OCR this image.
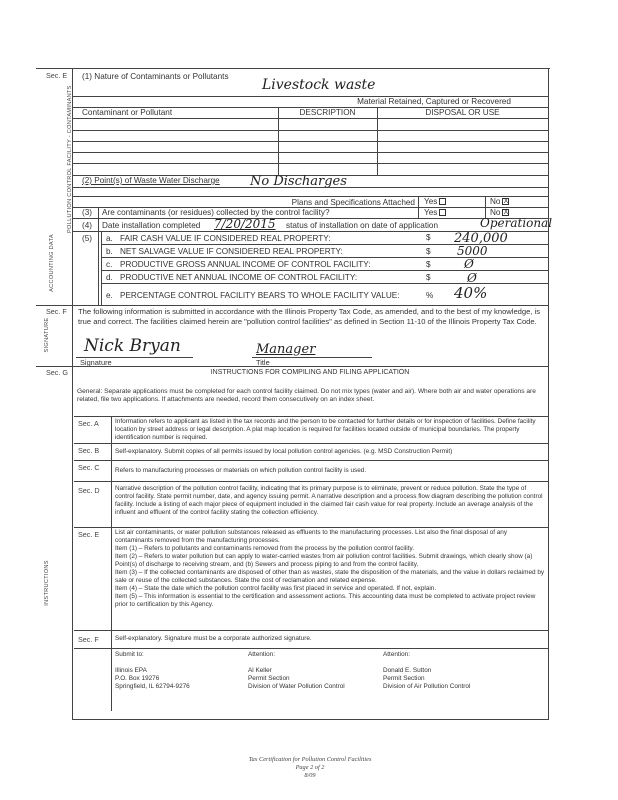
POLLUTION CONTROL FACILITY - CONTAMINANTS
ACCOUNTING DATA
SIGNATURE
INSTRUCTIONS
Sec. E (1) Nature of Contaminants or Pollutants
Livestock waste
Material Retained, Captured or Recovered
Contaminant or Pollutant	DESCRIPTION	DISPOSAL OR USE
(2) Point(s) of Waste Water Discharge No Discharges
Plans and Specifications Attached Yes	No X
(3) Are contaminants (or residues) collected by the control facility?	Yes	No X
(4) Date installation completed 7/20/2015 status of installation on date of application	Operational
(5) a. FAIR CASH VALUE IF CONSIDERED REAL PROPERTY:	$ 240,000
b. NET SALVAGE VALUE IF CONSIDERED REAL PROPERTY:	$ 5000
c. PRODUCTIVE GROSS ANNUAL INCOME OF CONTROL FACILITY:	$	Ø
d. PRODUCTIVE NET ANNUAL INCOME OF CONTROL FACILITY:	$	Ø
e. PERCENTAGE CONTROL FACILITY BEARS TO WHOLE FACILITY VALUE:	% 40%
Sec. F The following information is submitted in accordance with the Illinois Property Tax Code, as amended, and to the best of my knowledge, is true and correct. The facilities claimed herein are "pollution control facilities" as defined in Section 11-10 of the Illinois Property Tax Code.
Nick Bryan
Signature
Manager
Title
Sec. G	INSTRUCTIONS FOR COMPILING AND FILING APPLICATION
General: Separate applications must be completed for each control facility claimed. Do not mix types (water and air). Where both air and water operations are related, file two applications. If attachments are needed, record them consecutively on an index sheet.
Sec. A	Information refers to applicant as listed in the tax records and the person to be contacted for further details or for inspection of facilities. Define facility location by street address or legal description. A plat map location is required for facilities located outside of municipal boundaries. The property identification number is required.
Sec. B	Self-explanatory. Submit copies of all permits issued by local pollution control agencies. (e.g. MSD Construction Permit)
Sec. C	Refers to manufacturing processes or materials on which pollution control facility is used.
Sec. D	Narrative description of the pollution control facility, indicating that its primary purpose is to eliminate, prevent or reduce pollution. State the type of control facility. State permit number, date, and agency issuing permit. A narrative description and a process flow diagram describing the pollution control facility. Include a listing of each major piece of equipment included in the claimed fair cash value for real property. Include an average analysis of the influent and effluent of the control facility stating the collection efficiency.
Sec. E	List air contaminants, or water pollution substances released as effluents to the manufacturing processes. List also the final disposal of any contaminants removed from the manufacturing processes.
Item (1) – Refers to pollutants and contaminants removed from the process by the pollution control facility.
Item (2) – Refers to water pollution but can apply to water-carried wastes from air pollution control facilities. Submit drawings, which clearly show (a) Point(s) of discharge to receiving stream, and (b) Sewers and process piping to and from the control facility.
Item (3) – If the collected contaminants are disposed of other than as wastes, state the disposition of the materials, and the value in dollars reclaimed by sale or reuse of the collected substances. State the cost of reclamation and related expense.
Item (4) – State the date which the pollution control facility was first placed in service and operated. If not, explain.
Item (5) – This information is essential to the certification and assessment actions. This accounting data must be completed to activate project review prior to certification by this Agency.
Sec. F	Self-explanatory. Signature must be a corporate authorized signature.
Submit to:
Illinois EPA
P.O. Box 19276
Springfield, IL 62794-9276
Attention:
Al Keller
Permit Section
Division of Water Pollution Control
Attention:
Donald E. Sutton
Permit Section
Division of Air Pollution Control
Tax Certification for Pollution Control Facilities
Page 2 of 2
8/09
